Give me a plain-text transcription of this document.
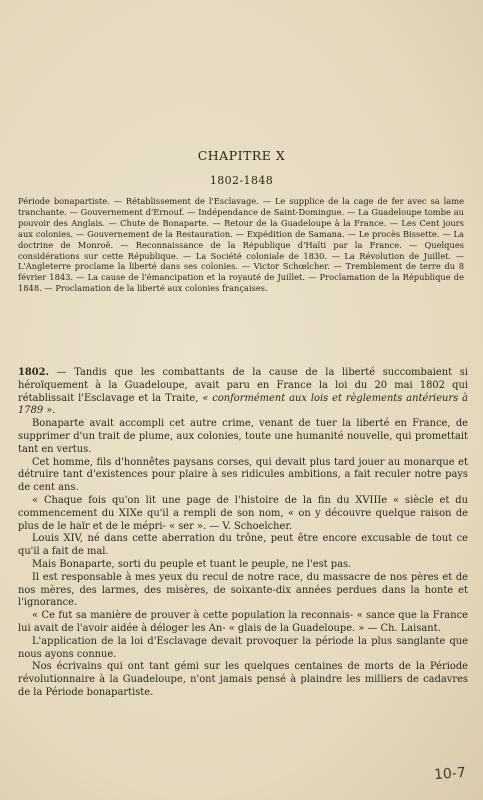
CHAPITRE X
1802-1848
Période bonapartiste. — Rétablissement de l'Esclavage. — Le supplice de la cage de fer avec sa lame tranchante. — Gouvernement d'Ernouf. — Indépendance de Saint-Domingue. — La Guadeloupe tombe au pouvoir des Anglais. — Chute de Bonaparte. — Retour de la Guadeloupe à la France. — Les Cent jours aux colonies. — Gouvernement de la Restauration. — Expédition de Samana. — Le procès Bissette. — La doctrine de Monroë. — Reconnaissance de la République d'Haïti par la France. — Quelques considérations sur cette République. — La Société coloniale de 1830. — La Révolution de Juillet. — L'Angleterre proclame la liberté dans ses colonies. — Victor Schœlcher. — Tremblement de terre du 8 février 1843. — La cause de l'émancipation et la royauté de Juillet. — Proclamation de la République de 1848. — Proclamation de la liberté aux colonies françaises.

1802. — Tandis que les combattants de la cause de la liberté succombaient si héroïquement à la Guadeloupe, avait paru en France la loi du 20 mai 1802 qui rétablissait l'Esclavage et la Traite, « conformément aux lois et règlements antérieurs à 1789 ».

Bonaparte avait accompli cet autre crime, venant de tuer la liberté en France, de supprimer d'un trait de plume, aux colonies, toute une humanité nouvelle, qui promettait tant en vertus.

Cet homme, fils d'honnêtes paysans corses, qui devait plus tard jouer au monarque et détruire tant d'existences pour plaire à ses ridicules ambitions, a fait reculer notre pays de cent ans.

« Chaque fois qu'on lit une page de l'histoire de la fin du XVIIIe « siècle et du commencement du XIXe qu'il a rempli de son nom, « on y découvre quelque raison de plus de le haïr et de le mépri- « ser ». — V. Schoelcher.

Louis XIV, né dans cette aberration du trône, peut être encore excusable de tout ce qu'il a fait de mal.

Mais Bonaparte, sorti du peuple et tuant le peuple, ne l'est pas.

Il est responsable à mes yeux du recul de notre race, du massacre de nos pères et de nos mères, des larmes, des misères, de soixante-dix années perdues dans la honte et l'ignorance.

« Ce fut sa manière de prouver à cette population la reconnais- « sance que la France lui avait de l'avoir aidée à déloger les An- « glais de la Guadeloupe. » — Ch. Laisant.

L'application de la loi d'Esclavage devait provoquer la période la plus sanglante que nous ayons connue.

Nos écrivains qui ont tant gémi sur les quelques centaines de morts de la Période révolutionnaire à la Guadeloupe, n'ont jamais pensé à plaindre les milliers de cadavres de la Période bonapartiste.

10-7
